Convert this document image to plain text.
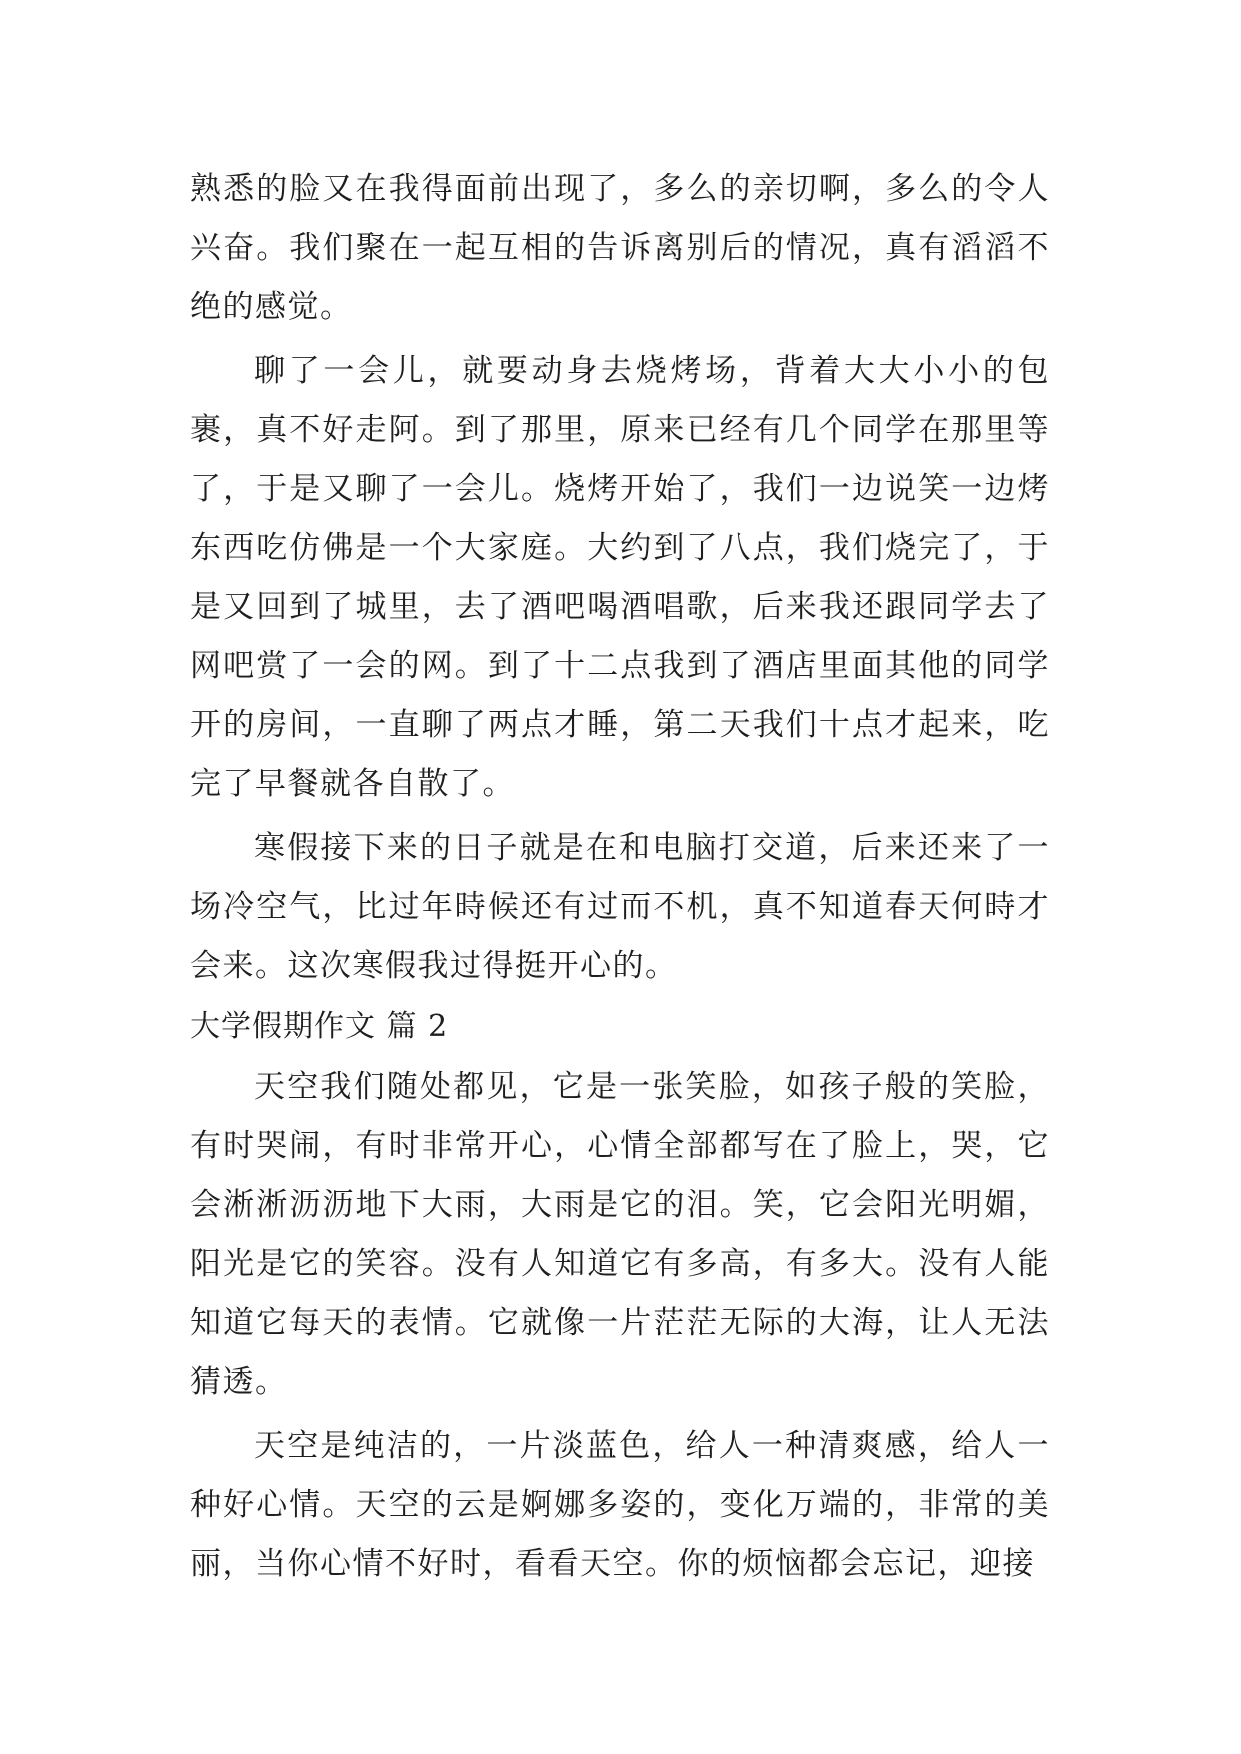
熟悉的脸又在我得面前出现了，多么的亲切啊，多么的令人兴奋。我们聚在一起互相的告诉离别后的情况，真有滔滔不绝的感觉。

聊了一会儿，就要动身去烧烤场，背着大大小小的包裹，真不好走阿。到了那里，原来已经有几个同学在那里等了，于是又聊了一会儿。烧烤开始了，我们一边说笑一边烤东西吃仿佛是一个大家庭。大约到了八点，我们烧完了，于是又回到了城里，去了酒吧喝酒唱歌，后来我还跟同学去了网吧赏了一会的网。到了十二点我到了酒店里面其他的同学开的房间，一直聊了两点才睡，第二天我们十点才起来，吃完了早餐就各自散了。

寒假接下来的日子就是在和电脑打交道，后来还来了一场冷空气，比过年時候还有过而不机，真不知道春天何時才会来。这次寒假我过得挺开心的。

大学假期作文 篇 2

天空我们随处都见，它是一张笑脸，如孩子般的笑脸，有时哭闹，有时非常开心，心情全部都写在了脸上，哭，它会淅淅沥沥地下大雨，大雨是它的泪。笑，它会阳光明媚，阳光是它的笑容。没有人知道它有多高，有多大。没有人能知道它每天的表情。它就像一片茫茫无际的大海，让人无法猜透。

天空是纯洁的，一片淡蓝色，给人一种清爽感，给人一种好心情。天空的云是婀娜多姿的，变化万端的，非常的美丽，当你心情不好时，看看天空。你的烦恼都会忘记，迎接
